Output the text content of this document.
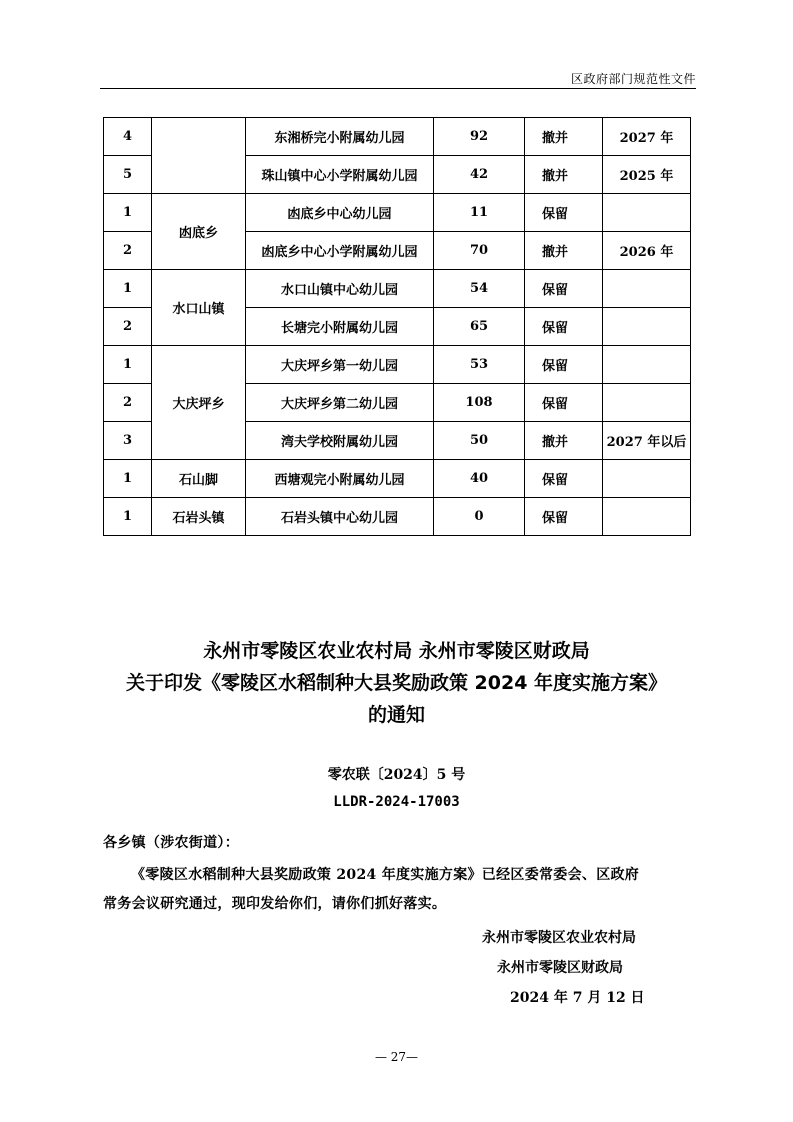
区政府部门规范性文件
4		东湘桥完小附属幼儿园	92	撤并	2027 年
5		珠山镇中心小学附属幼儿园	42	撤并	2025 年
1	凼底乡	凼底乡中心幼儿园	11	保留	
2		凼底乡中心小学附属幼儿园	70	撤并	2026 年
1	水口山镇	水口山镇中心幼儿园	54	保留	
2		长塘完小附属幼儿园	65	保留	
1	大庆坪乡	大庆坪乡第一幼儿园	53	保留	
2		大庆坪乡第二幼儿园	108	保留	
3		湾夫学校附属幼儿园	50	撤并	2027 年以后
1	石山脚	西塘观完小附属幼儿园	40	保留	
1	石岩头镇	石岩头镇中心幼儿园	0	保留	
永州市零陵区农业农村局 永州市零陵区财政局
关于印发《零陵区水稻制种大县奖励政策 2024 年度实施方案》
的通知
零农联〔2024〕5 号
LLDR-2024-17003
各乡镇（涉农街道）：
《零陵区水稻制种大县奖励政策 2024 年度实施方案》已经区委常委会、区政府
常务会议研究通过，现印发给你们，请你们抓好落实。
永州市零陵区农业农村局
永州市零陵区财政局
2024 年 7 月 12 日
— 27—
